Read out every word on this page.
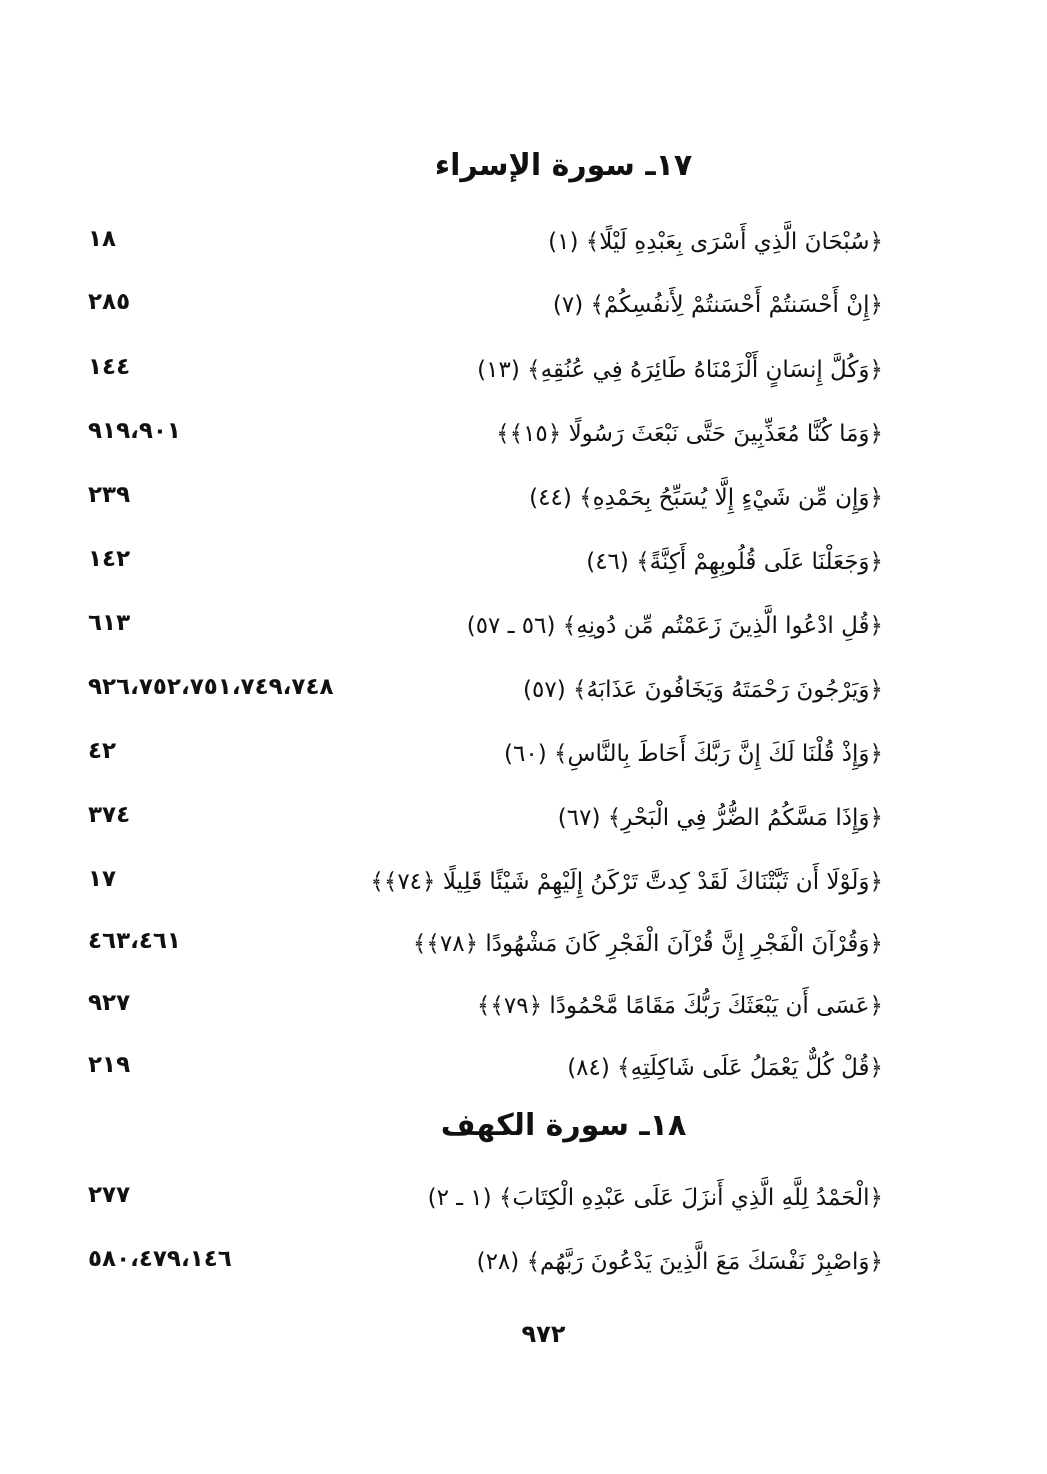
١٧ـ سورة الإسراء
﴿سُبْحَانَ الَّذِي أَسْرَى بِعَبْدِهِ لَيْلًا﴾ (١)
١٨
﴿إِنْ أَحْسَنتُمْ أَحْسَنتُمْ لِأَنفُسِكُمْ﴾ (٧)
٢٨٥
﴿وَكُلَّ إِنسَانٍ أَلْزَمْنَاهُ طَائِرَهُ فِي عُنُقِهِ﴾ (١٣)
١٤٤
﴿وَمَا كُنَّا مُعَذِّبِينَ حَتَّى نَبْعَثَ رَسُولًا ﴿١٥﴾﴾
٩١٩،٩٠١
﴿وَإِن مِّن شَيْءٍ إِلَّا يُسَبِّحُ بِحَمْدِهِ﴾ (٤٤)
٢٣٩
﴿وَجَعَلْنَا عَلَى قُلُوبِهِمْ أَكِنَّةً﴾ (٤٦)
١٤٢
﴿قُلِ ادْعُوا الَّذِينَ زَعَمْتُم مِّن دُونِهِ﴾ (٥٦ ـ ٥٧)
٦١٣
﴿وَيَرْجُونَ رَحْمَتَهُ وَيَخَافُونَ عَذَابَهُ﴾ (٥٧)
٩٢٦،٧٥٢،٧٥١،٧٤٩،٧٤٨
﴿وَإِذْ قُلْنَا لَكَ إِنَّ رَبَّكَ أَحَاطَ بِالنَّاسِ﴾ (٦٠)
٤٢
﴿وَإِذَا مَسَّكُمُ الضُّرُّ فِي الْبَحْرِ﴾ (٦٧)
٣٧٤
﴿وَلَوْلَا أَن ثَبَّتْنَاكَ لَقَدْ كِدتَّ تَرْكَنُ إِلَيْهِمْ شَيْئًا قَلِيلًا ﴿٧٤﴾﴾
١٧
﴿وَقُرْآنَ الْفَجْرِ إِنَّ قُرْآنَ الْفَجْرِ كَانَ مَشْهُودًا ﴿٧٨﴾﴾
٤٦٣،٤٦١
﴿عَسَى أَن يَبْعَثَكَ رَبُّكَ مَقَامًا مَّحْمُودًا ﴿٧٩﴾﴾
٩٢٧
﴿قُلْ كُلٌّ يَعْمَلُ عَلَى شَاكِلَتِهِ﴾ (٨٤)
٢١٩
١٨ـ سورة الكهف
﴿الْحَمْدُ لِلَّهِ الَّذِي أَنزَلَ عَلَى عَبْدِهِ الْكِتَابَ﴾ (١ ـ ٢)
٢٧٧
﴿وَاصْبِرْ نَفْسَكَ مَعَ الَّذِينَ يَدْعُونَ رَبَّهُم﴾ (٢٨)
٥٨٠،٤٧٩،١٤٦
٩٧٢
